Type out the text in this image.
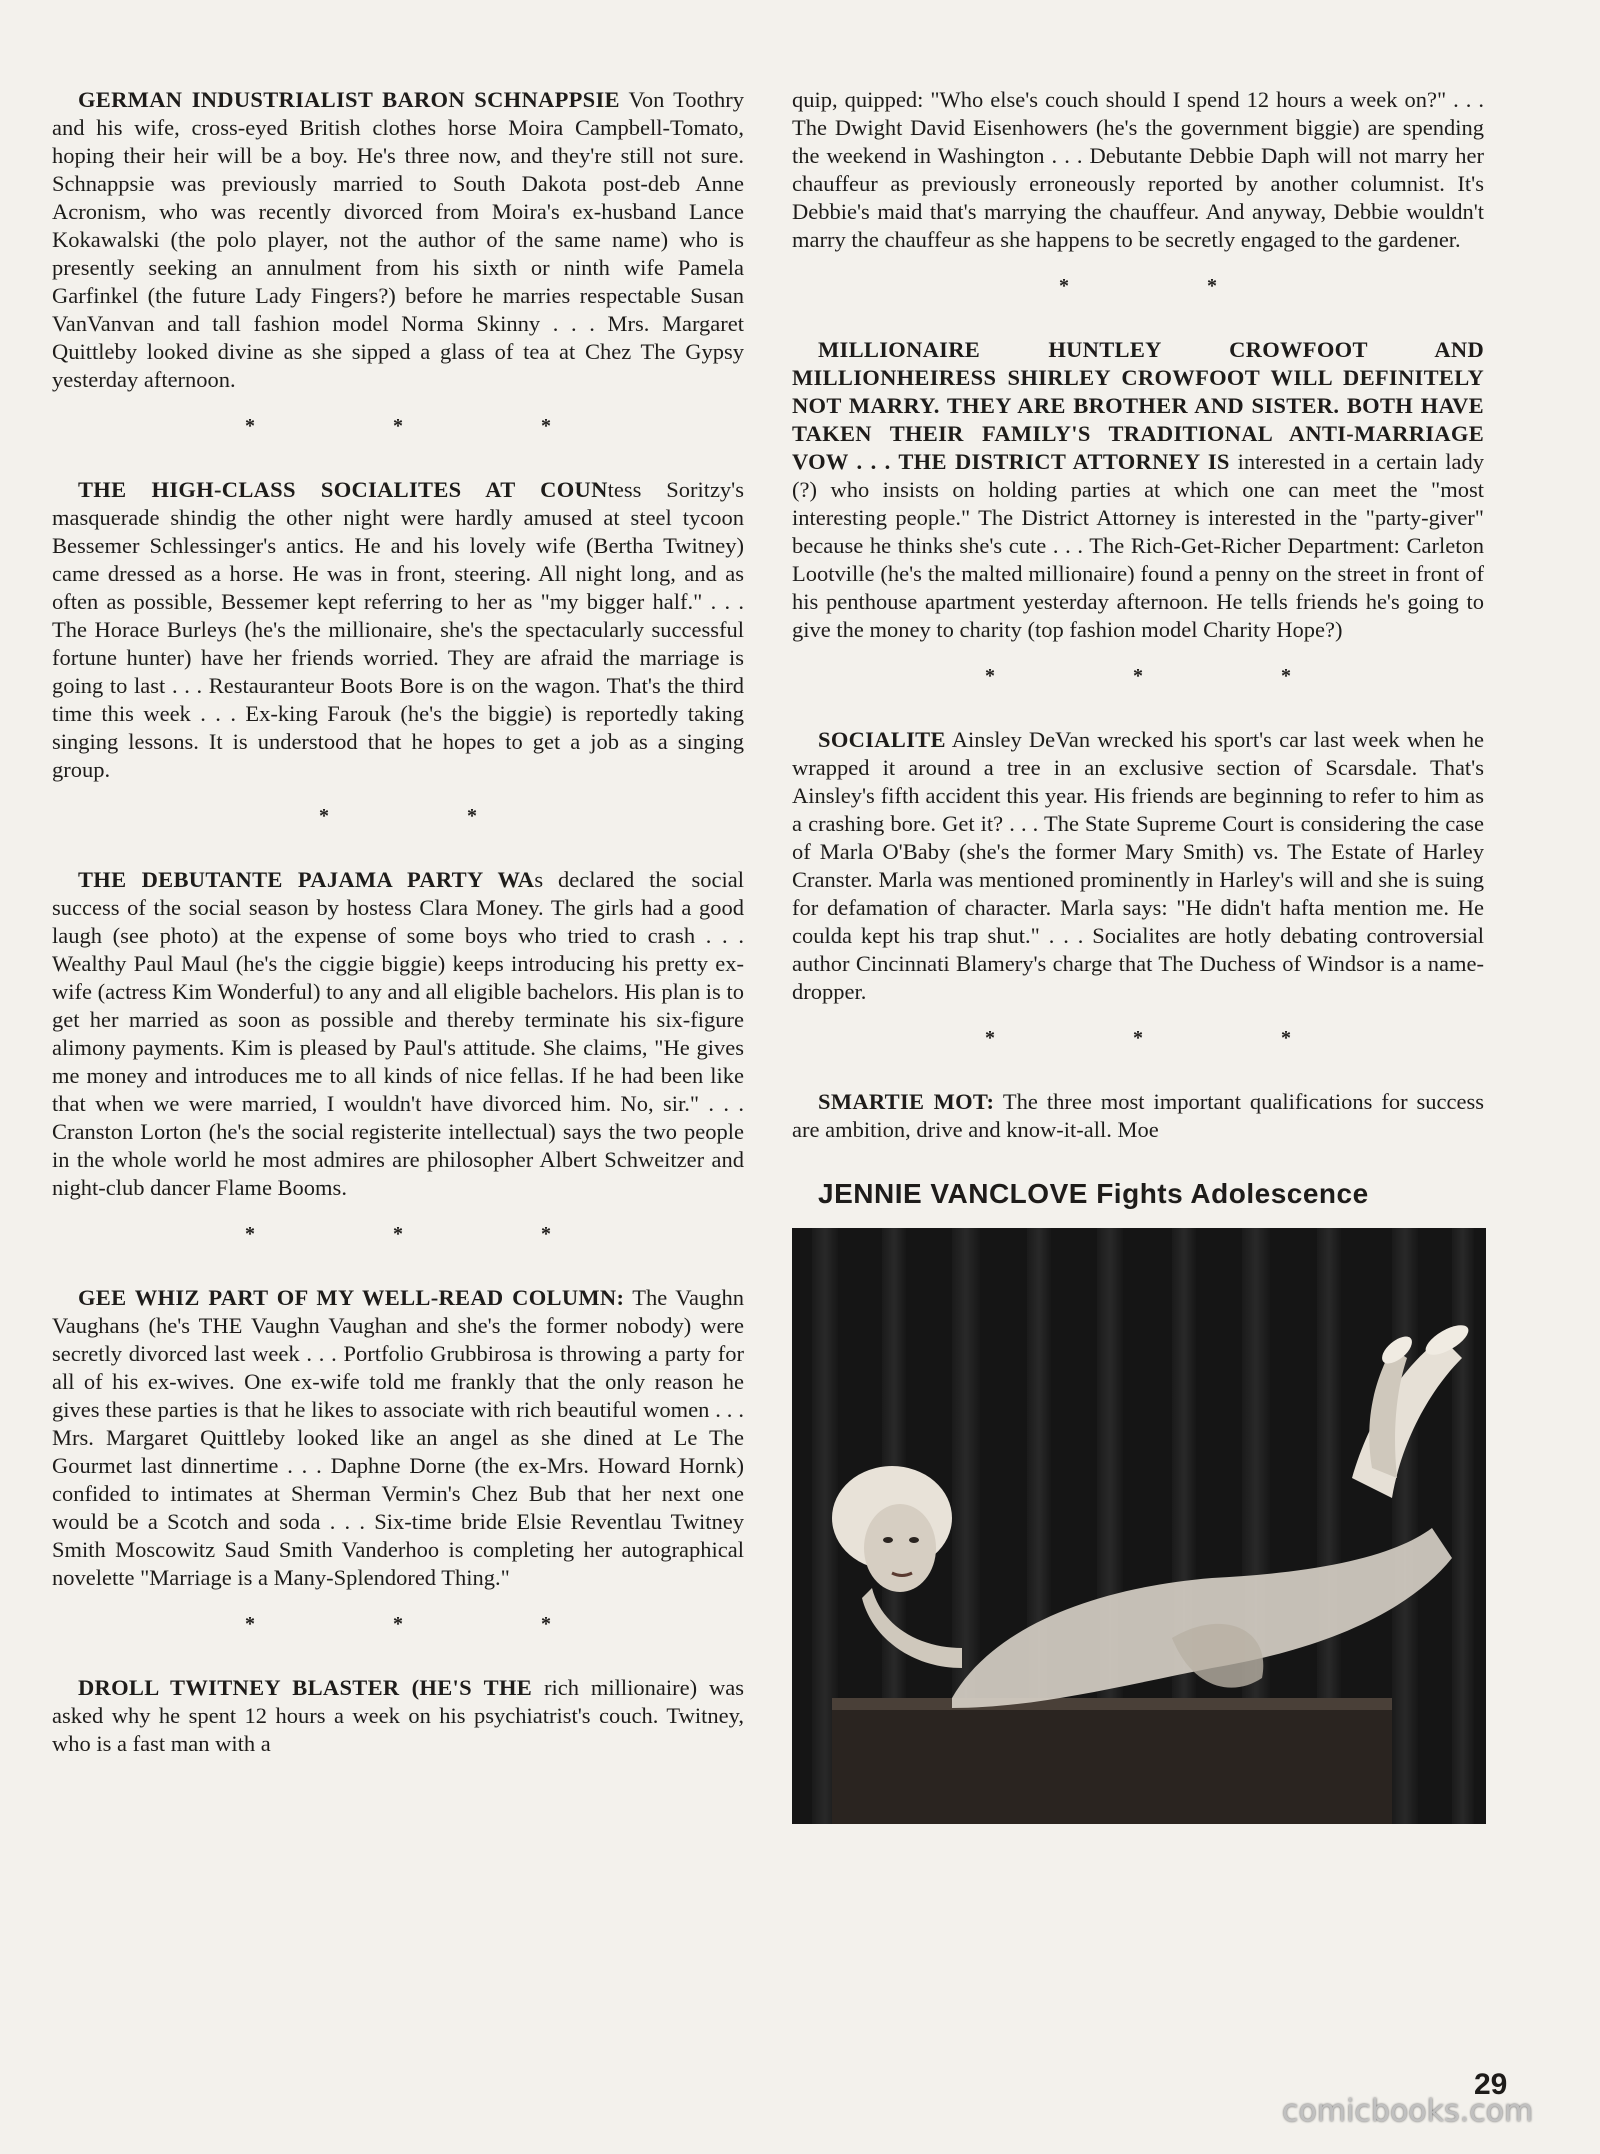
GERMAN INDUSTRIALIST BARON SCHNAPPSIE Von Toothry and his wife, cross-eyed British clothes horse Moira Campbell-Tomato, hoping their heir will be a boy. He's three now, and they're still not sure. Schnappsie was previously married to South Dakota post-deb Anne Acronism, who was recently divorced from Moira's ex-husband Lance Kokawalski (the polo player, not the author of the same name) who is presently seeking an annulment from his sixth or ninth wife Pamela Garfinkel (the future Lady Fingers?) before he marries respectable Susan VanVanvan and tall fashion model Norma Skinny . . . Mrs. Margaret Quittleby looked divine as she sipped a glass of tea at Chez The Gypsy yesterday afternoon.

*	*	*

THE HIGH-CLASS SOCIALITES AT COUNtess Soritzy's masquerade shindig the other night were hardly amused at steel tycoon Bessemer Schlessinger's antics. He and his lovely wife (Bertha Twitney) came dressed as a horse. He was in front, steering. All night long, and as often as possible, Bessemer kept referring to her as "my bigger half." . . . The Horace Burleys (he's the millionaire, she's the spectacularly successful fortune hunter) have her friends worried. They are afraid the marriage is going to last . . . Restauranteur Boots Bore is on the wagon. That's the third time this week . . . Ex-king Farouk (he's the biggie) is reportedly taking singing lessons. It is understood that he hopes to get a job as a singing group.

*	*

THE DEBUTANTE PAJAMA PARTY WAs declared the social success of the social season by hostess Clara Money. The girls had a good laugh (see photo) at the expense of some boys who tried to crash . . . Wealthy Paul Maul (he's the ciggie biggie) keeps introducing his pretty ex-wife (actress Kim Wonderful) to any and all eligible bachelors. His plan is to get her married as soon as possible and thereby terminate his six-figure alimony payments. Kim is pleased by Paul's attitude. She claims, "He gives me money and introduces me to all kinds of nice fellas. If he had been like that when we were married, I wouldn't have divorced him. No, sir." . . . Cranston Lorton (he's the social registerite intellectual) says the two people in the whole world he most admires are philosopher Albert Schweitzer and night-club dancer Flame Booms.

*	*	*

GEE WHIZ PART OF MY WELL-READ COLUMN: The Vaughn Vaughans (he's THE Vaughn Vaughan and she's the former nobody) were secretly divorced last week . . . Portfolio Grubbirosa is throwing a party for all of his ex-wives. One ex-wife told me frankly that the only reason he gives these parties is that he likes to associate with rich beautiful women . . . Mrs. Margaret Quittleby looked like an angel as she dined at Le The Gourmet last dinnertime . . . Daphne Dorne (the ex-Mrs. Howard Hornk) confided to intimates at Sherman Vermin's Chez Bub that her next one would be a Scotch and soda . . . Six-time bride Elsie Reventlau Twitney Smith Moscowitz Saud Smith Vanderhoo is completing her autographical novelette "Marriage is a Many-Splendored Thing."

*	*	*

DROLL TWITNEY BLASTER (HE'S THE rich millionaire) was asked why he spent 12 hours a week on his psychiatrist's couch. Twitney, who is a fast man with a

quip, quipped: "Who else's couch should I spend 12 hours a week on?" . . . The Dwight David Eisenhowers (he's the government biggie) are spending the weekend in Washington . . . Debutante Debbie Daph will not marry her chauffeur as previously erroneously reported by another columnist. It's Debbie's maid that's marrying the chauffeur. And anyway, Debbie wouldn't marry the chauffeur as she happens to be secretly engaged to the gardener.

*	*

MILLIONAIRE HUNTLEY CROWFOOT AND MILLIONHEIRESS SHIRLEY CROWFOOT WILL DEFINITELY NOT MARRY. THEY ARE BROTHER AND SISTER. BOTH HAVE TAKEN THEIR FAMILY'S TRADITIONAL ANTI-MARRIAGE VOW . . . THE DISTRICT ATTORNEY IS interested in a certain lady (?) who insists on holding parties at which one can meet the "most interesting people." The District Attorney is interested in the "party-giver" because he thinks she's cute . . . The Rich-Get-Richer Department: Carleton Lootville (he's the malted millionaire) found a penny on the street in front of his penthouse apartment yesterday afternoon. He tells friends he's going to give the money to charity (top fashion model Charity Hope?)

*	*	*

SOCIALITE Ainsley DeVan wrecked his sport's car last week when he wrapped it around a tree in an exclusive section of Scarsdale. That's Ainsley's fifth accident this year. His friends are beginning to refer to him as a crashing bore. Get it? . . . The State Supreme Court is considering the case of Marla O'Baby (she's the former Mary Smith) vs. The Estate of Harley Cranster. Marla was mentioned prominently in Harley's will and she is suing for defamation of character. Marla says: "He didn't hafta mention me. He coulda kept his trap shut." . . . Socialites are hotly debating controversial author Cincinnati Blamery's charge that The Duchess of Windsor is a name-dropper.

*	*	*

SMARTIE MOT: The three most important qualifications for success are ambition, drive and know-it-all. Moe

JENNIE VANCLOVE Fights Adolescence
29
comicbooks.com
